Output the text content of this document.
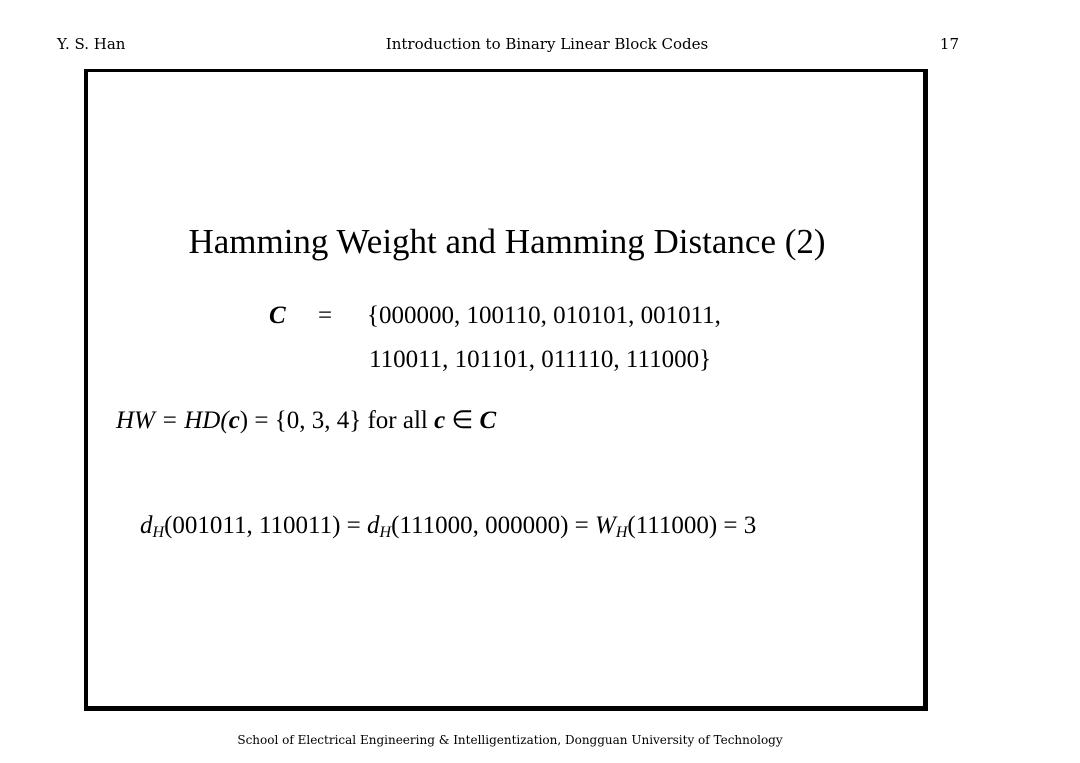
Y. S. Han	Introduction to Binary Linear Block Codes	17
Hamming Weight and Hamming Distance (2)
C = {000000, 100110, 010101, 001011,
110011, 101101, 011110, 111000}
HW = HD(c) = {0, 3, 4} for all c ∈ C
$d_H(001011$, $110011) = d_H(111000$, $000000) = W_H(111000) = 3$
School of Electrical Engineering & Intelligentization, Dongguan University of Technology
